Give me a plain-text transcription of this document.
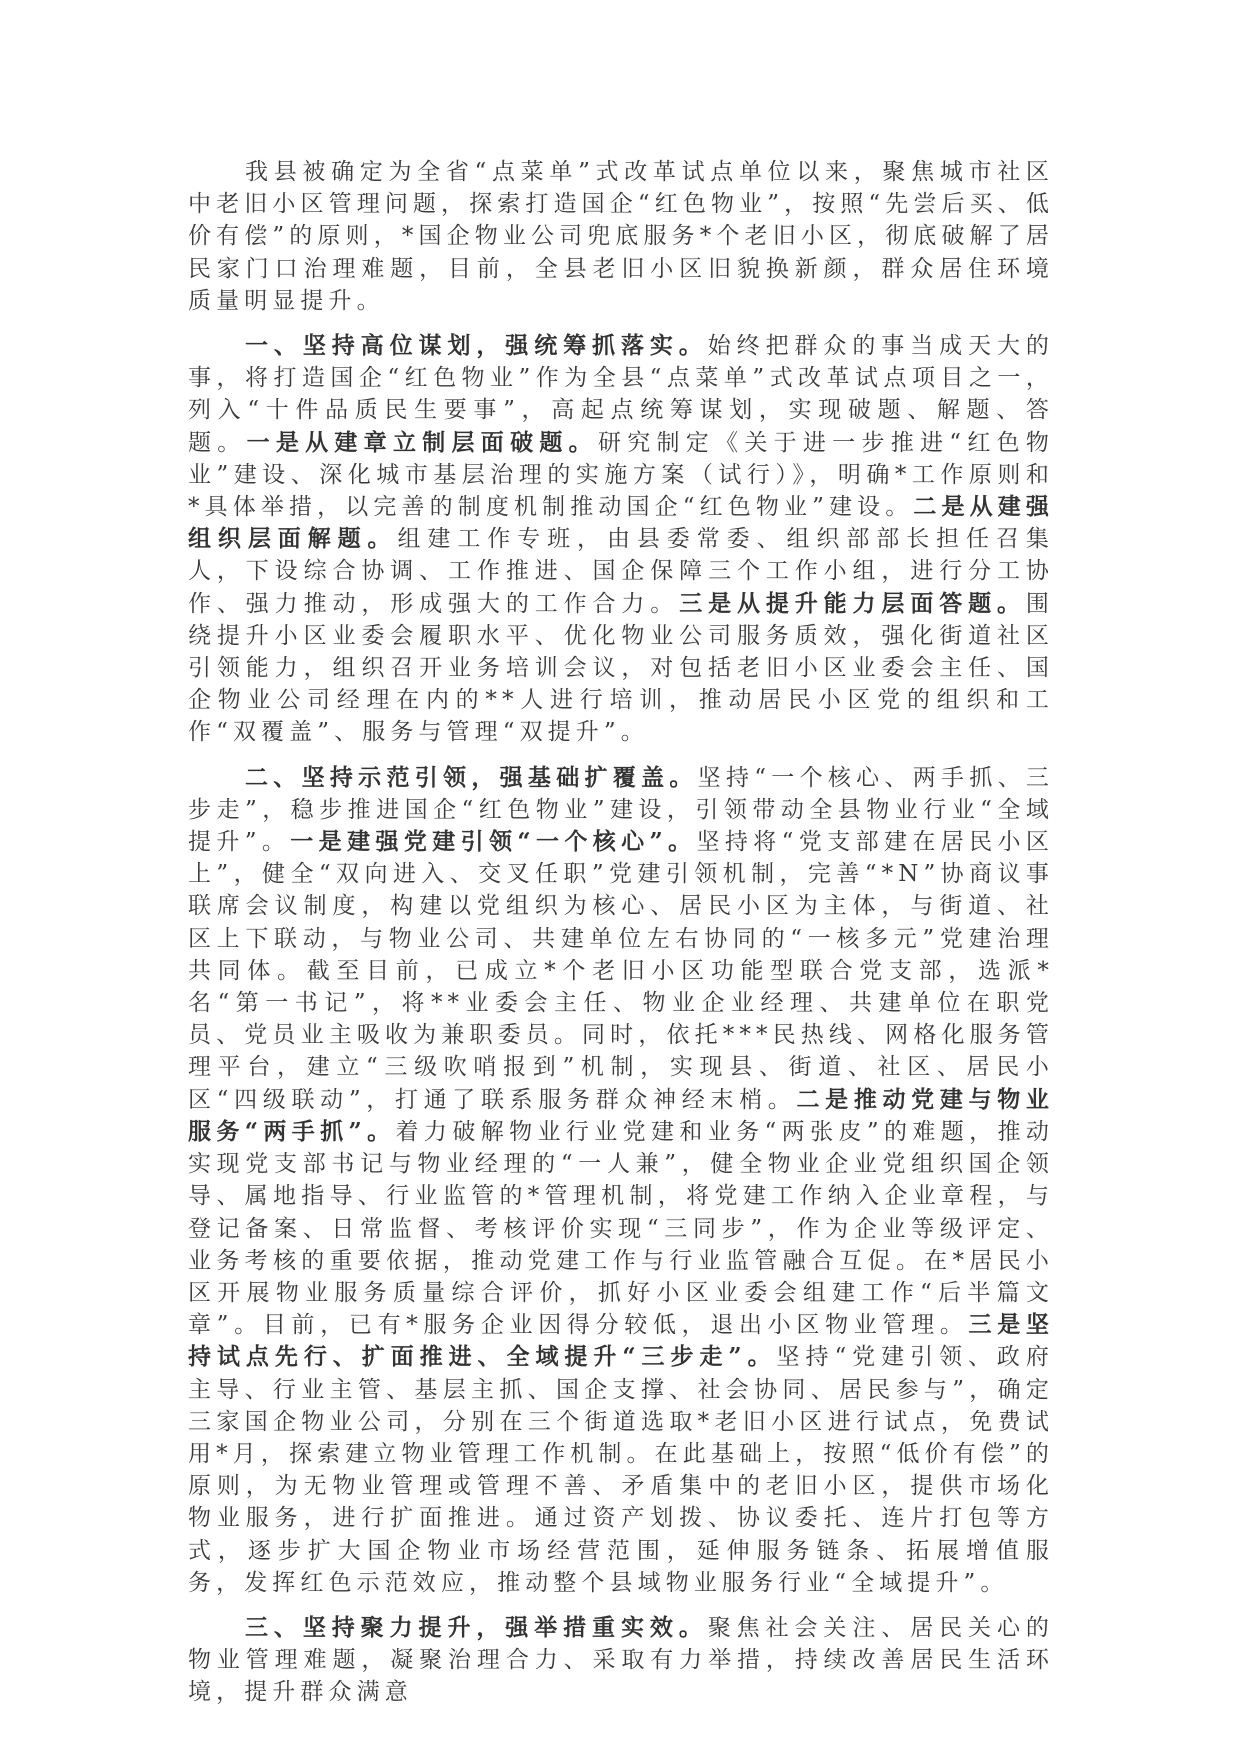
我县被确定为全省“点菜单”式改革试点单位以来，聚焦城市社区中老旧小区管理问题，探索打造国企“红色物业”，按照“先尝后买、低价有偿”的原则，*国企物业公司兜底服务*个老旧小区，彻底破解了居民家门口治理难题，目前，全县老旧小区旧貌换新颜，群众居住环境质量明显提升。

一、坚持高位谋划，强统筹抓落实。始终把群众的事当成天大的事，将打造国企“红色物业”作为全县“点菜单”式改革试点项目之一，列入“十件品质民生要事”，高起点统筹谋划，实现破题、解题、答题。一是从建章立制层面破题。研究制定《关于进一步推进“红色物业”建设、深化城市基层治理的实施方案（试行）》，明确*工作原则和*具体举措，以完善的制度机制推动国企“红色物业”建设。二是从建强组织层面解题。组建工作专班，由县委常委、组织部部长担任召集人，下设综合协调、工作推进、国企保障三个工作小组，进行分工协作、强力推动，形成强大的工作合力。三是从提升能力层面答题。围绕提升小区业委会履职水平、优化物业公司服务质效，强化街道社区引领能力，组织召开业务培训会议，对包括老旧小区业委会主任、国企物业公司经理在内的**人进行培训，推动居民小区党的组织和工作“双覆盖”、服务与管理“双提升”。

二、坚持示范引领，强基础扩覆盖。坚持“一个核心、两手抓、三步走”，稳步推进国企“红色物业”建设，引领带动全县物业行业“全域提升”。一是建强党建引领“一个核心”。坚持将“党支部建在居民小区上”，健全“双向进入、交叉任职”党建引领机制，完善“*N”协商议事联席会议制度，构建以党组织为核心、居民小区为主体，与街道、社区上下联动，与物业公司、共建单位左右协同的“一核多元”党建治理共同体。截至目前，已成立*个老旧小区功能型联合党支部，选派*名“第一书记”，将**业委会主任、物业企业经理、共建单位在职党员、党员业主吸收为兼职委员。同时，依托***民热线、网格化服务管理平台，建立“三级吹哨报到”机制，实现县、街道、社区、居民小区“四级联动”，打通了联系服务群众神经末梢。二是推动党建与物业服务“两手抓”。着力破解物业行业党建和业务“两张皮”的难题，推动实现党支部书记与物业经理的“一人兼”，健全物业企业党组织国企领导、属地指导、行业监管的*管理机制，将党建工作纳入企业章程，与登记备案、日常监督、考核评价实现“三同步”，作为企业等级评定、业务考核的重要依据，推动党建工作与行业监管融合互促。在*居民小区开展物业服务质量综合评价，抓好小区业委会组建工作“后半篇文章”。目前，已有*服务企业因得分较低，退出小区物业管理。三是坚持试点先行、扩面推进、全域提升“三步走”。坚持“党建引领、政府主导、行业主管、基层主抓、国企支撑、社会协同、居民参与”，确定三家国企物业公司，分别在三个街道选取*老旧小区进行试点，免费试用*月，探索建立物业管理工作机制。在此基础上，按照“低价有偿”的原则，为无物业管理或管理不善、矛盾集中的老旧小区，提供市场化物业服务，进行扩面推进。通过资产划拨、协议委托、连片打包等方式，逐步扩大国企物业市场经营范围，延伸服务链条、拓展增值服务，发挥红色示范效应，推动整个县域物业服务行业“全域提升”。

三、坚持聚力提升，强举措重实效。聚焦社会关注、居民关心的物业管理难题，凝聚治理合力、采取有力举措，持续改善居民生活环境，提升群众满意
